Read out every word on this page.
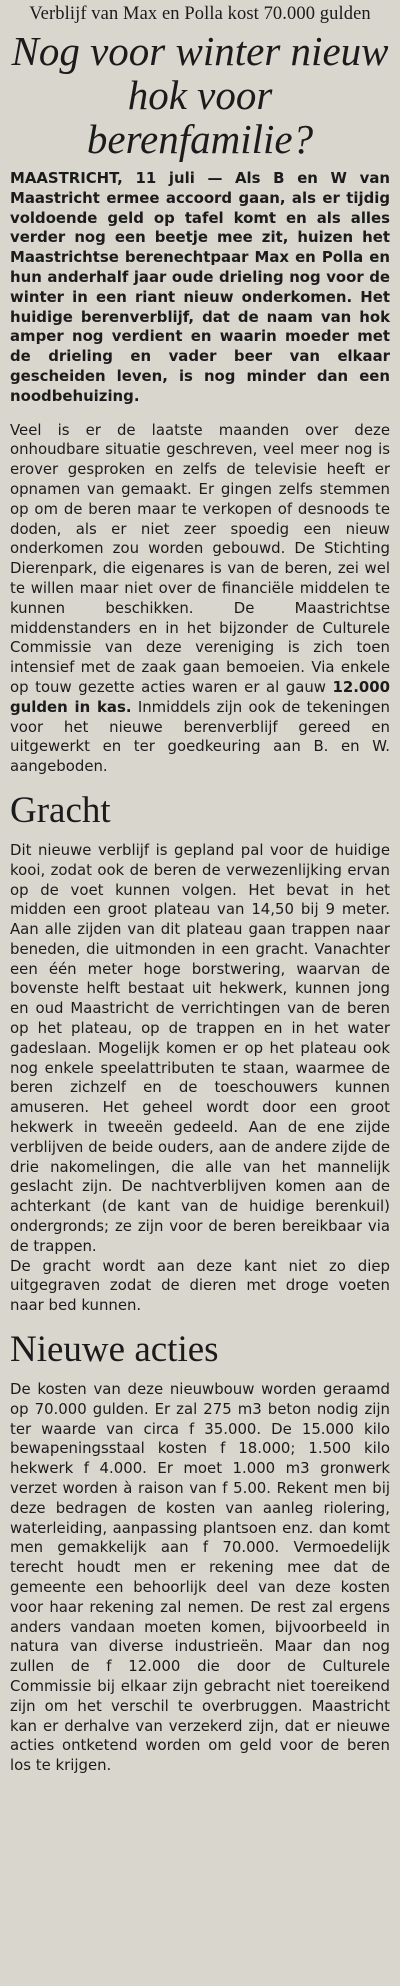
Verblijf van Max en Polla kost 70.000 gulden
Nog voor winter nieuw
hok voor berenfamilie?

MAASTRICHT, 11 juli — Als B en W van Maastricht ermee accoord gaan, als er tijdig voldoende geld op tafel komt en als alles verder nog een beetje mee zit, huizen het Maastrichtse berenechtpaar Max en Polla en hun anderhalf jaar oude drieling nog voor de winter in een riant nieuw onderkomen. Het huidige berenverblijf, dat de naam van hok amper nog verdient en waarin moeder met de drieling en vader beer van elkaar gescheiden leven, is nog minder dan een noodbehuizing.

Veel is er de laatste maanden over deze onhoudbare situatie geschreven, veel meer nog is erover gesproken en zelfs de televisie heeft er opnamen van gemaakt. Er gingen zelfs stemmen op om de beren maar te verkopen of desnoods te doden, als er niet zeer spoedig een nieuw onderkomen zou worden gebouwd. De Stichting Dierenpark, die eigenares is van de beren, zei wel te willen maar niet over de financiële middelen te kunnen beschikken. De Maastrichtse middenstanders en in het bijzonder de Culturele Commissie van deze vereniging is zich toen intensief met de zaak gaan bemoeien. Via enkele op touw gezette acties waren er al gauw 12.000 gulden in kas. Inmiddels zijn ook de tekeningen voor het nieuwe berenverblijf gereed en uitgewerkt en ter goedkeuring aan B. en W. aangeboden.

Gracht

Dit nieuwe verblijf is gepland pal voor de huidige kooi, zodat ook de beren de verwezenlijking ervan op de voet kunnen volgen. Het bevat in het midden een groot plateau van 14,50 bij 9 meter. Aan alle zijden van dit plateau gaan trappen naar beneden, die uitmonden in een gracht. Vanachter een één meter hoge borstwering, waarvan de bovenste helft bestaat uit hekwerk, kunnen jong en oud Maastricht de verrichtingen van de beren op het plateau, op de trappen en in het water gadeslaan. Mogelijk komen er op het plateau ook nog enkele speelattributen te staan, waarmee de beren zichzelf en de toeschouwers kunnen amuseren. Het geheel wordt door een groot hekwerk in tweeën gedeeld. Aan de ene zijde verblijven de beide ouders, aan de andere zijde de drie nakomelingen, die alle van het mannelijk geslacht zijn. De nachtverblijven komen aan de achterkant (de kant van de huidige berenkuil) ondergronds; ze zijn voor de beren bereikbaar via de trappen.

De gracht wordt aan deze kant niet zo diep uitgegraven zodat de dieren met droge voeten naar bed kunnen.

Nieuwe acties

De kosten van deze nieuwbouw worden geraamd op 70.000 gulden. Er zal 275 m3 beton nodig zijn ter waarde van circa f 35.000. De 15.000 kilo bewapeningsstaal kosten f 18.000; 1.500 kilo hekwerk f 4.000. Er moet 1.000 m3 gronwerk verzet worden à raison van f 5.00. Rekent men bij deze bedragen de kosten van aanleg riolering, waterleiding, aanpassing plantsoen enz. dan komt men gemakkelijk aan f 70.000. Vermoedelijk terecht houdt men er rekening mee dat de gemeente een behoorlijk deel van deze kosten voor haar rekening zal nemen. De rest zal ergens anders vandaan moeten komen, bijvoorbeeld in natura van diverse industrieën. Maar dan nog zullen de f 12.000 die door de Culturele Commissie bij elkaar zijn gebracht niet toereikend zijn om het verschil te overbruggen. Maastricht kan er derhalve van verzekerd zijn, dat er nieuwe acties ontketend worden om geld voor de beren los te krijgen.
